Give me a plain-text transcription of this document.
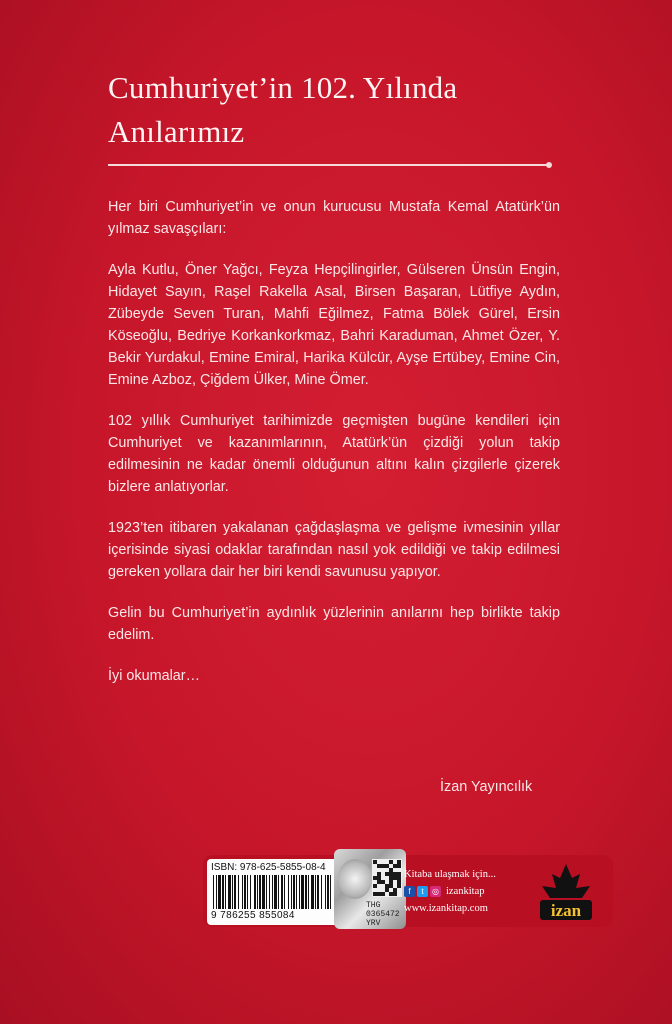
Cumhuriyet’in 102. Yılında
Anılarımız

Her biri Cumhuriyet’in ve onun kurucusu Mustafa Kemal Atatürk’ün yılmaz savaşçıları:

Ayla Kutlu, Öner Yağcı, Feyza Hepçilingirler, Gülseren Ünsün Engin, Hidayet Sayın, Raşel Rakella Asal, Birsen Başaran, Lütfiye Aydın, Zübeyde Seven Turan, Mahfi Eğilmez, Fatma Bölek Gürel, Ersin Köseoğlu, Bedriye Korkankorkmaz, Bahri Karaduman, Ahmet Özer, Y. Bekir Yurdakul, Emine Emiral, Harika Külcür, Ayşe Ertübey, Emine Cin, Emine Azboz, Çiğdem Ülker, Mine Ömer.

102 yıllık Cumhuriyet tarihimizde geçmişten bugüne kendileri için Cumhuriyet ve kazanımlarının, Atatürk’ün çizdiği yolun takip edilmesinin ne kadar önemli olduğunun altını kalın çizgilerle çizerek bizlere anlatıyorlar.

1923’ten itibaren yakalanan çağdaşlaşma ve gelişme ivmesinin yıllar içerisinde siyasi odaklar tarafından nasıl yok edildiği ve takip edilmesi gereken yollara dair her biri kendi savunusu yapıyor.

Gelin bu Cumhuriyet’in aydınlık yüzlerinin anılarını hep birlikte takip edelim.

İyi okumalar…

İzan Yayıncılık
ISBN: 978-625-5855-08-4
9 786255 855084
THG
0365472
YRV
Kitaba ulaşmak için...
f	t	◎ izankitap
www.izankitap.com	izan
